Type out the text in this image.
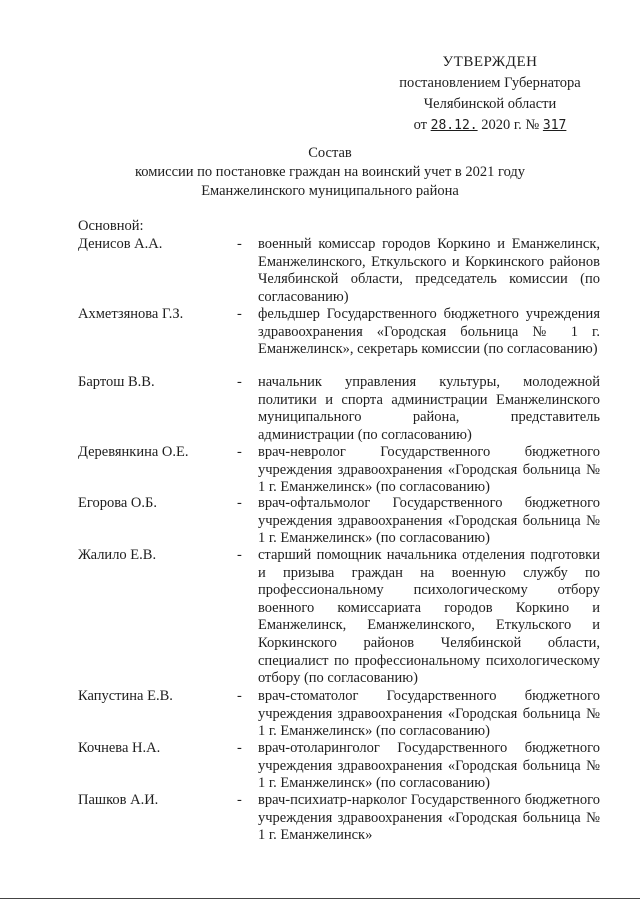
УТВЕРЖДЕН
постановлением Губернатора
Челябинской области
от 28.12. 2020 г. № 317
Состав
комиссии по постановке граждан на воинский учет в 2021 году
Еманжелинского муниципального района
Основной:
Денисов А.А.	- военный комиссар городов Коркино и Еманжелинск, Еманжелинского, Еткульского и Коркинского районов Челябинской области, председатель комиссии (по согласованию)
Ахметзянова Г.З.	- фельдшер Государственного бюджетного учреждения здравоохранения «Городская больница № 1 г. Еманжелинск», секретарь комиссии (по согласованию)
Бартош В.В.	- начальник управления культуры, молодежной политики и спорта администрации Еманжелинского муниципального района, представитель администрации (по согласованию)
Деревянкина О.Е.	- врач-невролог Государственного бюджетного учреждения здравоохранения «Городская больница № 1 г. Еманжелинск» (по согласованию)
Егорова О.Б.	- врач-офтальмолог Государственного бюджетного учреждения здравоохранения «Городская больница № 1 г. Еманжелинск» (по согласованию)
Жалило Е.В.	- старший помощник начальника отделения подготовки и призыва граждан на военную службу по профессиональному психологическому отбору военного комиссариата городов Коркино и Еманжелинск, Еманжелинского, Еткульского и Коркинского районов Челябинской области, специалист по профессиональному психологическому отбору (по согласованию)
Капустина Е.В.	- врач-стоматолог Государственного бюджетного учреждения здравоохранения «Городская больница № 1 г. Еманжелинск» (по согласованию)
Кочнева Н.А.	- врач-отоларинголог Государственного бюджетного учреждения здравоохранения «Городская больница № 1 г. Еманжелинск» (по согласованию)
Пашков А.И.	- врач-психиатр-нарколог Государственного бюджетного учреждения здравоохранения «Городская больница № 1 г. Еманжелинск»
